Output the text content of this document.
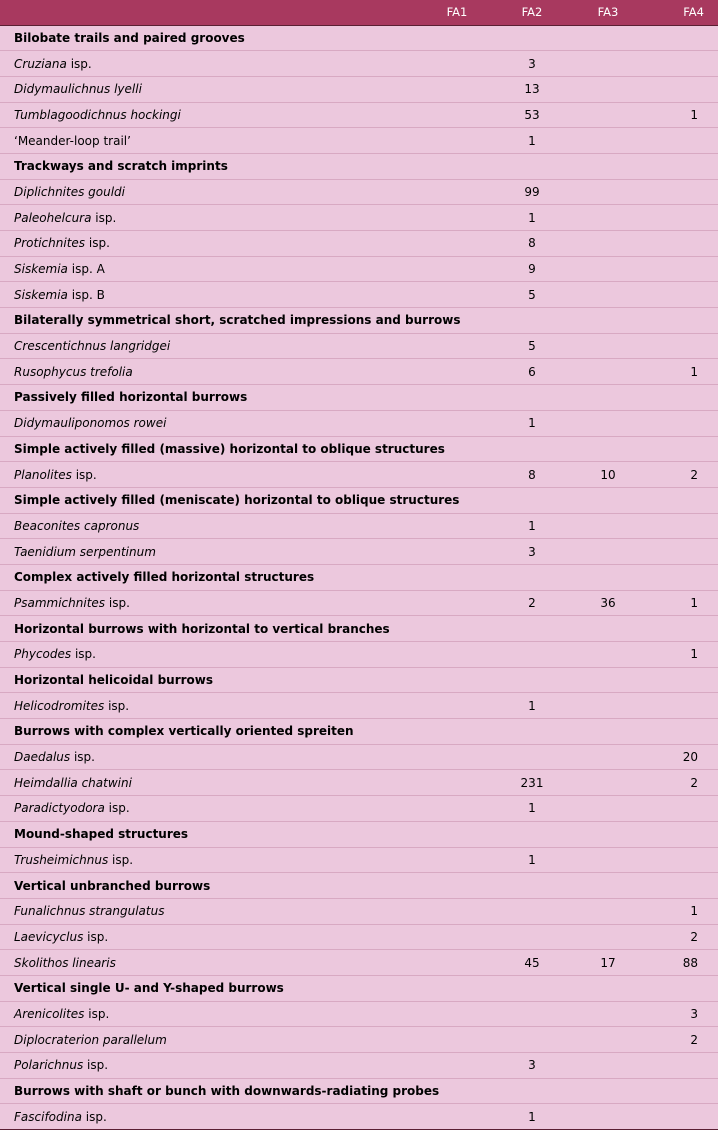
	FA1	FA2	FA3	FA4
Bilobate trails and paired grooves				
Cruziana isp.		3		
Didymaulichnus lyelli		13		
Tumblagoodichnus hockingi		53		1
‘Meander-loop trail’		1		
Trackways and scratch imprints				
Diplichnites gouldi		99		
Paleohelcura isp.		1		
Protichnites isp.		8		
Siskemia isp. A		9		
Siskemia isp. B		5		
Bilaterally symmetrical short, scratched impressions and burrows				
Crescentichnus langridgei		5		
Rusophycus trefolia		6		1
Passively filled horizontal burrows				
Didymauliponomos rowei		1		
Simple actively filled (massive) horizontal to oblique structures				
Planolites isp.		8	10	2
Simple actively filled (meniscate) horizontal to oblique structures				
Beaconites capronus		1		
Taenidium serpentinum		3		
Complex actively filled horizontal structures				
Psammichnites isp.		2	36	1
Horizontal burrows with horizontal to vertical branches				
Phycodes isp.				1
Horizontal helicoidal burrows				
Helicodromites isp.		1		
Burrows with complex vertically oriented spreiten				
Daedalus isp.				20
Heimdallia chatwini		231		2
Paradictyodora isp.		1		
Mound-shaped structures				
Trusheimichnus isp.		1		
Vertical unbranched burrows				
Funalichnus strangulatus				1
Laevicyclus isp.				2
Skolithos linearis		45	17	88
Vertical single U- and Y-shaped burrows				
Arenicolites isp.				3
Diplocraterion parallelum				2
Polarichnus isp.		3		
Burrows with shaft or bunch with downwards-radiating probes				
Fascifodina isp.		1		
